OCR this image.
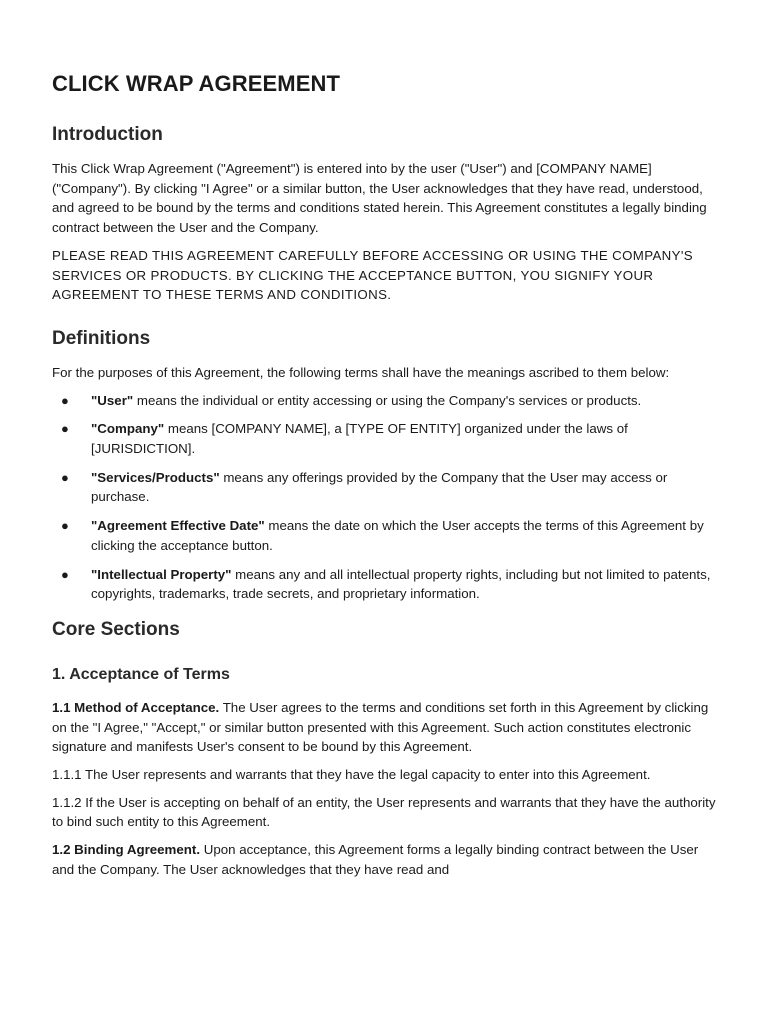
CLICK WRAP AGREEMENT
Introduction

This Click Wrap Agreement ("Agreement") is entered into by the user ("User") and [COMPANY NAME] ("Company"). By clicking "I Agree" or a similar button, the User acknowledges that they have read, understood, and agreed to be bound by the terms and conditions stated herein. This Agreement constitutes a legally binding contract between the User and the Company.

PLEASE READ THIS AGREEMENT CAREFULLY BEFORE ACCESSING OR USING THE COMPANY'S SERVICES OR PRODUCTS. BY CLICKING THE ACCEPTANCE BUTTON, YOU SIGNIFY YOUR AGREEMENT TO THESE TERMS AND CONDITIONS.

Definitions

For the purposes of this Agreement, the following terms shall have the meanings ascribed to them below:

● "User" means the individual or entity accessing or using the Company's services or products.
● "Company" means [COMPANY NAME], a [TYPE OF ENTITY] organized under the laws of [JURISDICTION].
● "Services/Products" means any offerings provided by the Company that the User may access or purchase.
● "Agreement Effective Date" means the date on which the User accepts the terms of this Agreement by clicking the acceptance button.
● "Intellectual Property" means any and all intellectual property rights, including but not limited to patents, copyrights, trademarks, trade secrets, and proprietary information.
Core Sections
1. Acceptance of Terms

1.1 Method of Acceptance. The User agrees to the terms and conditions set forth in this Agreement by clicking on the "I Agree," "Accept," or similar button presented with this Agreement. Such action constitutes electronic signature and manifests User's consent to be bound by this Agreement.

1.1.1 The User represents and warrants that they have the legal capacity to enter into this Agreement.

1.1.2 If the User is accepting on behalf of an entity, the User represents and warrants that they have the authority to bind such entity to this Agreement.

1.2 Binding Agreement. Upon acceptance, this Agreement forms a legally binding contract between the User and the Company. The User acknowledges that they have read and
